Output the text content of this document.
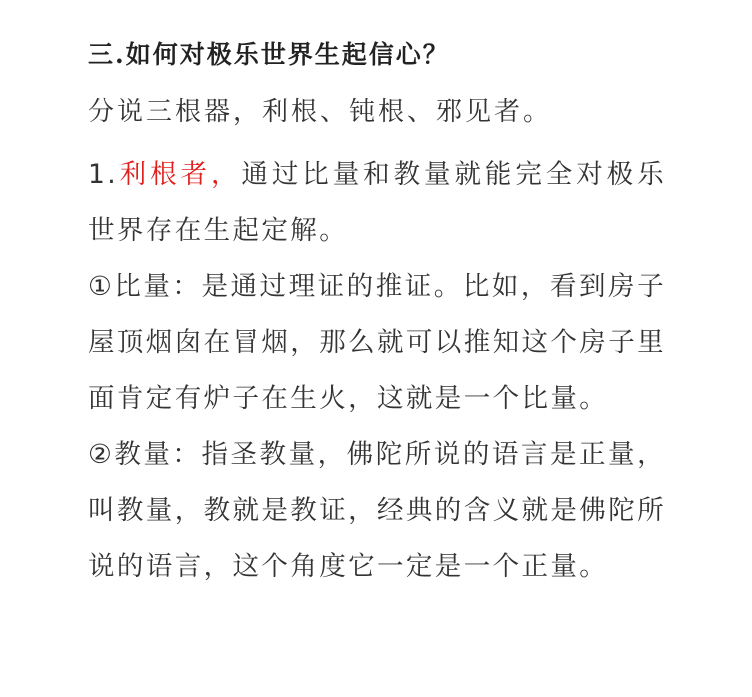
三.如何对极乐世界生起信心？
分说三根器，利根、钝根、邪见者。
1.利根者，通过比量和教量就能完全对极乐世界存在生起定解。
①比量：是通过理证的推证。比如，看到房子屋顶烟囱在冒烟，那么就可以推知这个房子里面肯定有炉子在生火，这就是一个比量。
②教量：指圣教量，佛陀所说的语言是正量，叫教量，教就是教证，经典的含义就是佛陀所说的语言，这个角度它一定是一个正量。
